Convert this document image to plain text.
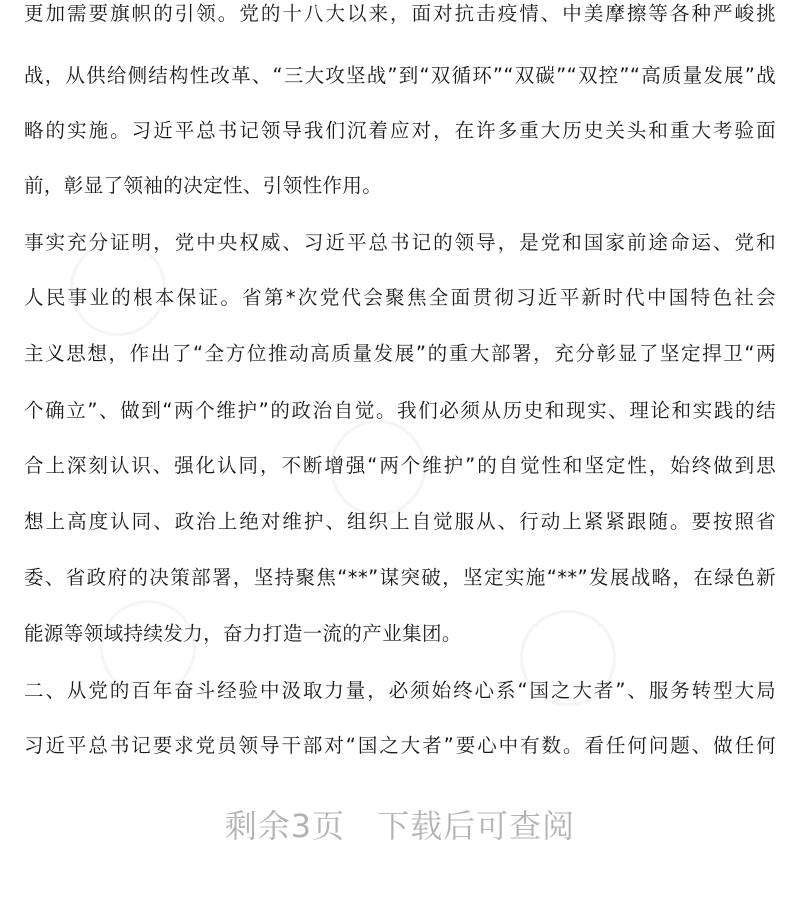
更加需要旗帜的引领。党的十八大以来，面对抗击疫情、中美摩擦等各种严峻挑
战，从供给侧结构性改革、“三大攻坚战”到“双循环”“双碳”“双控”“高质量发展”战
略的实施。习近平总书记领导我们沉着应对，在许多重大历史关头和重大考验面
前，彰显了领袖的决定性、引领性作用。
事实充分证明，党中央权威、习近平总书记的领导，是党和国家前途命运、党和
人民事业的根本保证。省第*次党代会聚焦全面贯彻习近平新时代中国特色社会
主义思想，作出了“全方位推动高质量发展”的重大部署，充分彰显了坚定捍卫“两
个确立”、做到“两个维护”的政治自觉。我们必须从历史和现实、理论和实践的结
合上深刻认识、强化认同，不断增强“两个维护”的自觉性和坚定性，始终做到思
想上高度认同、政治上绝对维护、组织上自觉服从、行动上紧紧跟随。要按照省
委、省政府的决策部署，坚持聚焦“**”谋突破，坚定实施“**”发展战略，在绿色新
能源等领域持续发力，奋力打造一流的产业集团。
二、从党的百年奋斗经验中汲取力量，必须始终心系“国之大者”、服务转型大局
习近平总书记要求党员领导干部对“国之大者”要心中有数。看任何问题、做任何
剩余3页 下载后可查阅
